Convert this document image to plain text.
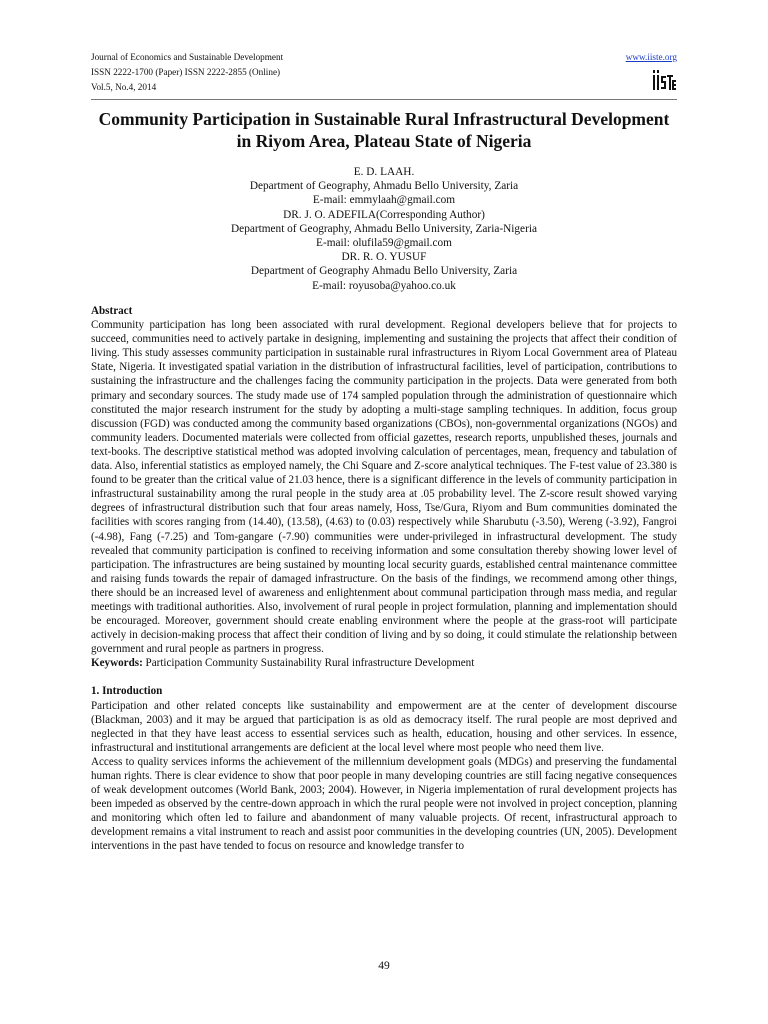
Journal of Economics and Sustainable Development
ISSN 2222-1700 (Paper) ISSN 2222-2855 (Online)
Vol.5, No.4, 2014
www.iiste.org
Community Participation in Sustainable Rural Infrastructural Development in Riyom Area, Plateau State of Nigeria
E. D. LAAH.
Department of Geography, Ahmadu Bello University, Zaria
E-mail: emmylaah@gmail.com
DR. J. O. ADEFILA(Corresponding Author)
Department of Geography, Ahmadu Bello University, Zaria-Nigeria
E-mail: olufila59@gmail.com
DR. R. O. YUSUF
Department of Geography Ahmadu Bello University, Zaria
E-mail: royusoba@yahoo.co.uk
Abstract

Community participation has long been associated with rural development. Regional developers believe that for projects to succeed, communities need to actively partake in designing, implementing and sustaining the projects that affect their condition of living. This study assesses community participation in sustainable rural infrastructures in Riyom Local Government area of Plateau State, Nigeria. It investigated spatial variation in the distribution of infrastructural facilities, level of participation, contributions to sustaining the infrastructure and the challenges facing the community participation in the projects. Data were generated from both primary and secondary sources. The study made use of 174 sampled population through the administration of questionnaire which constituted the major research instrument for the study by adopting a multi-stage sampling techniques. In addition, focus group discussion (FGD) was conducted among the community based organizations (CBOs), non-governmental organizations (NGOs) and community leaders. Documented materials were collected from official gazettes, research reports, unpublished theses, journals and text-books. The descriptive statistical method was adopted involving calculation of percentages, mean, frequency and tabulation of data. Also, inferential statistics as employed namely, the Chi Square and Z-score analytical techniques. The F-test value of 23.380 is found to be greater than the critical value of 21.03 hence, there is a significant difference in the levels of community participation in infrastructural sustainability among the rural people in the study area at .05 probability level. The Z-score result showed varying degrees of infrastructural distribution such that four areas namely, Hoss, Tse/Gura, Riyom and Bum communities dominated the facilities with scores ranging from (14.40), (13.58), (4.63) to (0.03) respectively while Sharubutu (-3.50), Wereng (-3.92), Fangroi (-4.98), Fang (-7.25) and Tom-gangare (-7.90) communities were under-privileged in infrastructural development. The study revealed that community participation is confined to receiving information and some consultation thereby showing lower level of participation. The infrastructures are being sustained by mounting local security guards, established central maintenance committee and raising funds towards the repair of damaged infrastructure. On the basis of the findings, we recommend among other things, there should be an increased level of awareness and enlightenment about communal participation through mass media, and regular meetings with traditional authorities. Also, involvement of rural people in project formulation, planning and implementation should be encouraged. Moreover, government should create enabling environment where the people at the grass-root will participate actively in decision-making process that affect their condition of living and by so doing, it could stimulate the relationship between government and rural people as partners in progress.

Keywords: Participation Community Sustainability Rural infrastructure Development
1. Introduction

Participation and other related concepts like sustainability and empowerment are at the center of development discourse (Blackman, 2003) and it may be argued that participation is as old as democracy itself. The rural people are most deprived and neglected in that they have least access to essential services such as health, education, housing and other services. In essence, infrastructural and institutional arrangements are deficient at the local level where most people who need them live.

Access to quality services informs the achievement of the millennium development goals (MDGs) and preserving the fundamental human rights. There is clear evidence to show that poor people in many developing countries are still facing negative consequences of weak development outcomes (World Bank, 2003; 2004). However, in Nigeria implementation of rural development projects has been impeded as observed by the centre-down approach in which the rural people were not involved in project conception, planning and monitoring which often led to failure and abandonment of many valuable projects. Of recent, infrastructural approach to development remains a vital instrument to reach and assist poor communities in the developing countries (UN, 2005). Development interventions in the past have tended to focus on resource and knowledge transfer to

49
